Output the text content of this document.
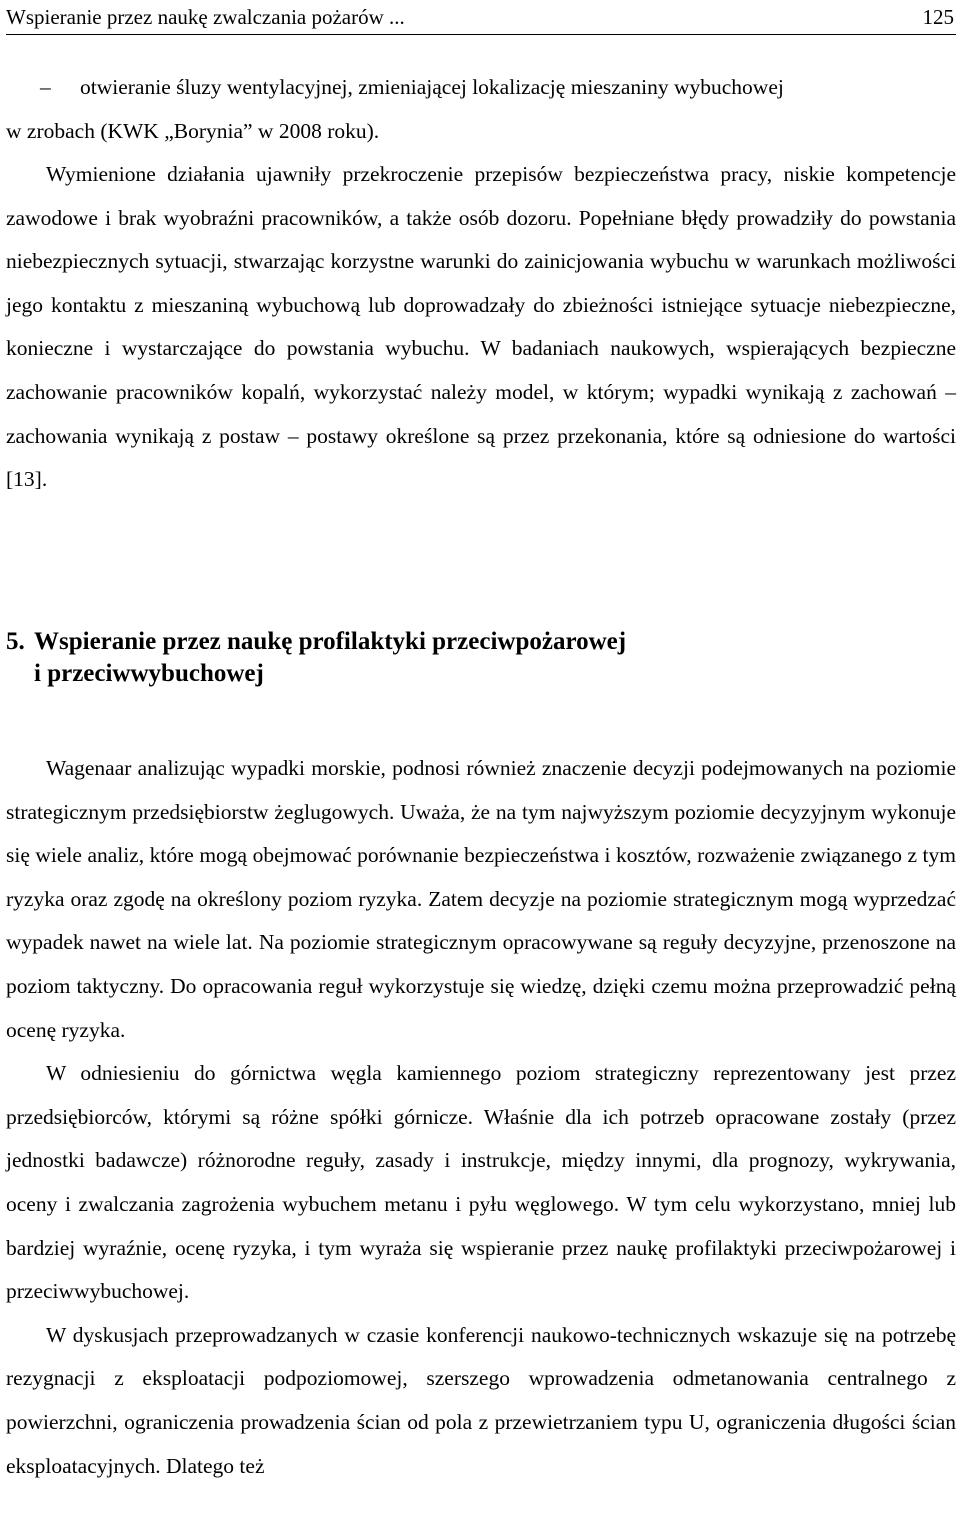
Wspieranie przez naukę zwalczania pożarów ...	125
– otwieranie śluzy wentylacyjnej, zmieniającej lokalizację mieszaniny wybuchowej
w zrobach (KWK „Borynia” w 2008 roku).

Wymienione działania ujawniły przekroczenie przepisów bezpieczeństwa pracy, niskie kompetencje zawodowe i brak wyobraźni pracowników, a także osób dozoru. Popełniane błędy prowadziły do powstania niebezpiecznych sytuacji, stwarzając korzystne warunki do zainicjowania wybuchu w warunkach możliwości jego kontaktu z mieszaniną wybuchową lub doprowadzały do zbieżności istniejące sytuacje niebezpieczne, konieczne i wystarczające do powstania wybuchu. W badaniach naukowych, wspierających bezpieczne zachowanie pracowników kopalń, wykorzystać należy model, w którym; wypadki wynikają z zachowań – zachowania wynikają z postaw – postawy określone są przez przekonania, które są odniesione do wartości [13].

5. Wspieranie przez naukę profilaktyki przeciwpożarowej
i przeciwwybuchowej

Wagenaar analizując wypadki morskie, podnosi również znaczenie decyzji podejmowanych na poziomie strategicznym przedsiębiorstw żeglugowych. Uważa, że na tym najwyższym poziomie decyzyjnym wykonuje się wiele analiz, które mogą obejmować porównanie bezpieczeństwa i kosztów, rozważenie związanego z tym ryzyka oraz zgodę na określony poziom ryzyka. Zatem decyzje na poziomie strategicznym mogą wyprzedzać wypadek nawet na wiele lat. Na poziomie strategicznym opracowywane są reguły decyzyjne, przenoszone na poziom taktyczny. Do opracowania reguł wykorzystuje się wiedzę, dzięki czemu można przeprowadzić pełną ocenę ryzyka.

W odniesieniu do górnictwa węgla kamiennego poziom strategiczny reprezentowany jest przez przedsiębiorców, którymi są różne spółki górnicze. Właśnie dla ich potrzeb opracowane zostały (przez jednostki badawcze) różnorodne reguły, zasady i instrukcje, między innymi, dla prognozy, wykrywania, oceny i zwalczania zagrożenia wybuchem metanu i pyłu węglowego. W tym celu wykorzystano, mniej lub bardziej wyraźnie, ocenę ryzyka, i tym wyraża się wspieranie przez naukę profilaktyki przeciwpożarowej i przeciwwybuchowej.

W dyskusjach przeprowadzanych w czasie konferencji naukowo-technicznych wskazuje się na potrzebę rezygnacji z eksploatacji podpoziomowej, szerszego wprowadzenia odmetanowania centralnego z powierzchni, ograniczenia prowadzenia ścian od pola z przewietrzaniem typu U, ograniczenia długości ścian eksploatacyjnych. Dlatego też
